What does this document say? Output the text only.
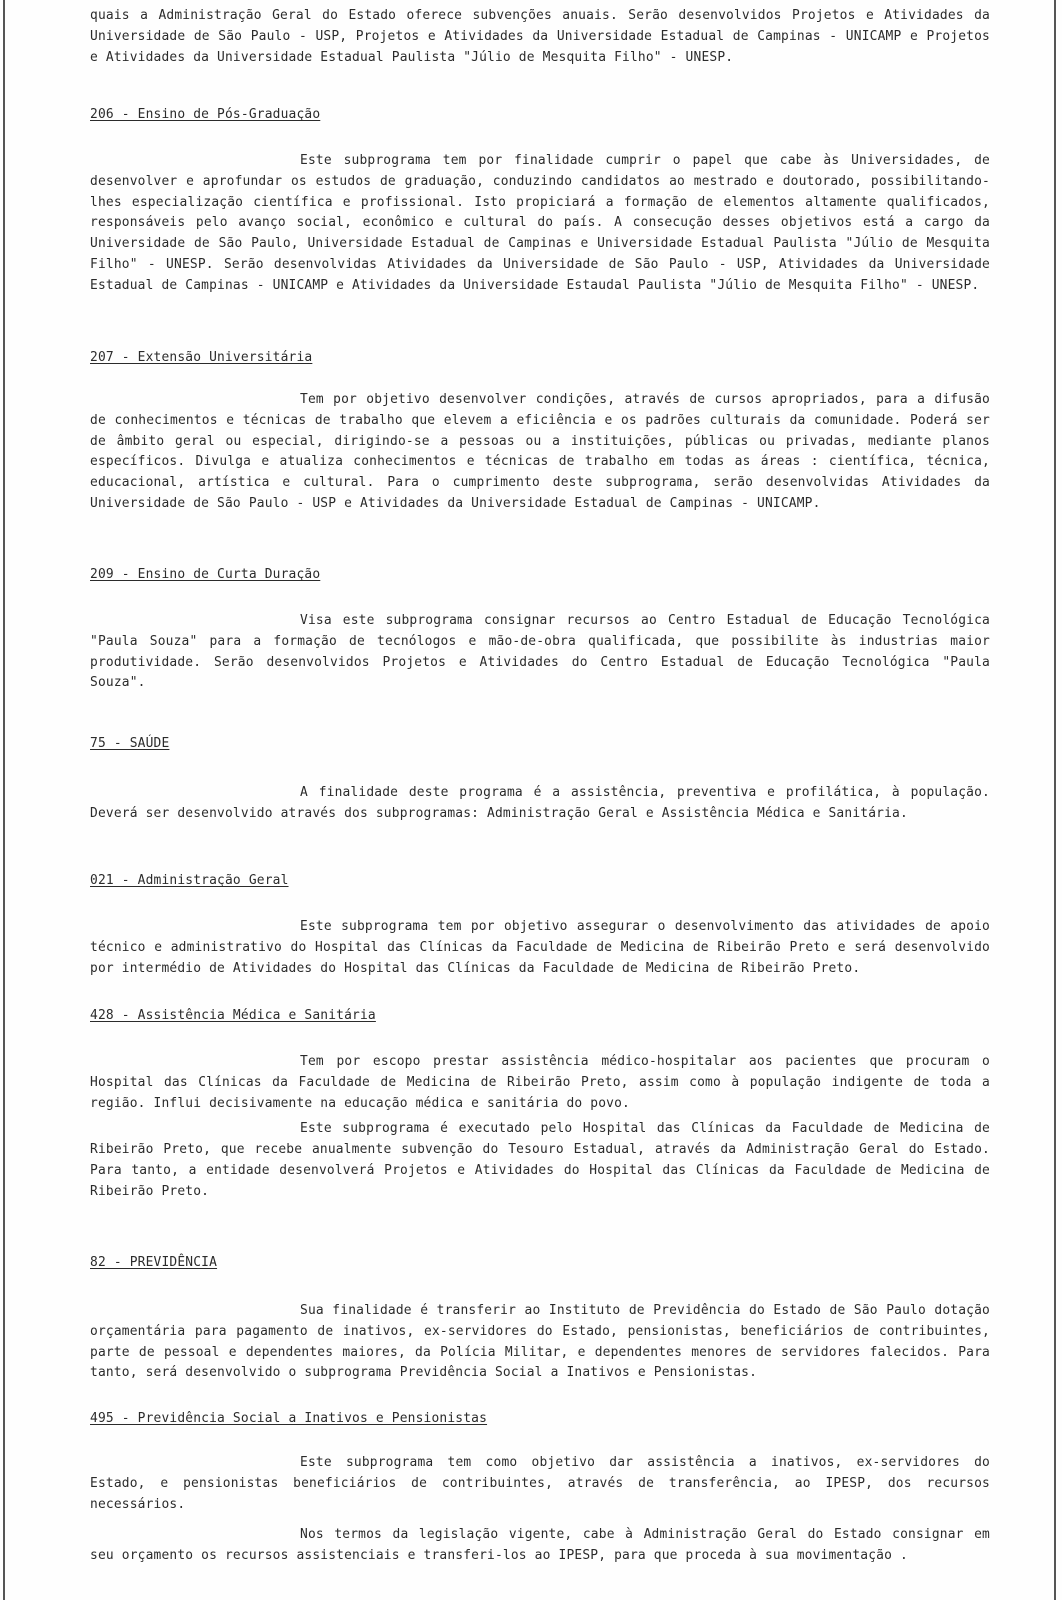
quais a Administração Geral do Estado oferece subvenções anuais. Serão desenvolvidos Projetos e Atividades da Universidade de São Paulo - USP, Projetos e Atividades da Universidade Estadual de Campinas - UNICAMP e Projetos e Atividades da Universidade Estadual Paulista "Júlio de Mesquita Filho" - UNESP.

206 - Ensino de Pós-Graduação

Este subprograma tem por finalidade cumprir o papel que cabe às Universidades, de desenvolver e aprofundar os estudos de graduação, conduzindo candidatos ao mestrado e doutorado, possibilitando-lhes especialização científica e profissional. Isto propiciará a formação de elementos altamente qualificados, responsáveis pelo avanço social, econômico e cultural do país. A consecução desses objetivos está a cargo da Universidade de São Paulo, Universidade Estadual de Campinas e Universidade Estadual Paulista "Júlio de Mesquita Filho" - UNESP. Serão desenvolvidas Atividades da Universidade de São Paulo - USP, Atividades da Universidade Estadual de Campinas - UNICAMP e Atividades da Universidade Estaudal Paulista "Júlio de Mesquita Filho" - UNESP.

207 - Extensão Universitária

Tem por objetivo desenvolver condições, através de cursos apropriados, para a difusão de conhecimentos e técnicas de trabalho que elevem a eficiência e os padrões culturais da comunidade. Poderá ser de âmbito geral ou especial, dirigindo-se a pessoas ou a instituições, públicas ou privadas, mediante planos específicos. Divulga e atualiza conhecimentos e técnicas de trabalho em todas as áreas : científica, técnica, educacional, artística e cultural. Para o cumprimento deste subprograma, serão desenvolvidas Atividades da Universidade de São Paulo - USP e Atividades da Universidade Estadual de Campinas - UNICAMP.

209 - Ensino de Curta Duração

Visa este subprograma consignar recursos ao Centro Estadual de Educação Tecnológica "Paula Souza" para a formação de tecnólogos e mão-de-obra qualificada, que possibilite às industrias maior produtividade. Serão desenvolvidos Projetos e Atividades do Centro Estadual de Educação Tecnológica "Paula Souza".

75 - SAÚDE

A finalidade deste programa é a assistência, preventiva e profilática, à população. Deverá ser desenvolvido através dos subprogramas: Administração Geral e Assistência Médica e Sanitária.

021 - Administração Geral

Este subprograma tem por objetivo assegurar o desenvolvimento das atividades de apoio técnico e administrativo do Hospital das Clínicas da Faculdade de Medicina de Ribeirão Preto e será desenvolvido por intermédio de Atividades do Hospital das Clínicas da Faculdade de Medicina de Ribeirão Preto.

428 - Assistência Médica e Sanitária

Tem por escopo prestar assistência médico-hospitalar aos pacientes que procuram o Hospital das Clínicas da Faculdade de Medicina de Ribeirão Preto, assim como à população indigente de toda a região. Influi decisivamente na educação médica e sanitária do povo.

Este subprograma é executado pelo Hospital das Clínicas da Faculdade de Medicina de Ribeirão Preto, que recebe anualmente subvenção do Tesouro Estadual, através da Administração Geral do Estado. Para tanto, a entidade desenvolverá Projetos e Atividades do Hospital das Clínicas da Faculdade de Medicina de Ribeirão Preto.

82 - PREVIDÊNCIA

Sua finalidade é transferir ao Instituto de Previdência do Estado de São Paulo dotação orçamentária para pagamento de inativos, ex-servidores do Estado, pensionistas, beneficiários de contribuintes, parte de pessoal e dependentes maiores, da Polícia Militar, e dependentes menores de servidores falecidos. Para tanto, será desenvolvido o subprograma Previdência Social a Inativos e Pensionistas.

495 - Previdência Social a Inativos e Pensionistas

Este subprograma tem como objetivo dar assistência a inativos, ex-servidores do Estado, e pensionistas beneficiários de contribuintes, através de transferência, ao IPESP, dos recursos necessários.

Nos termos da legislação vigente, cabe à Administração Geral do Estado consignar em seu orçamento os recursos assistenciais e transferi-los ao IPESP, para que proceda à sua movimentação .
